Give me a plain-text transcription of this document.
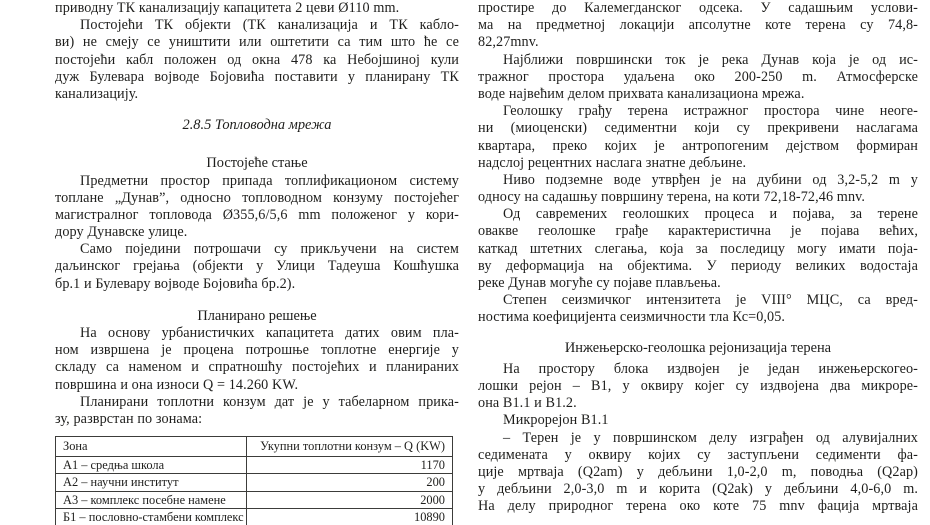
приводну ТК канализацију капацитета 2 цеви Ø110 mm.
Постојећи ТК објекти (ТК канализација и ТК кабло-
ви) не смеју се уништити или оштетити са тим што ће се
постојећи кабл положен од окна 478 ка Небојшиној кули
дуж Булевара војводе Бојовића поставити у планирану ТК
канализацију.
2.8.5 Топловодна мрежа
Постојеће стање
Предметни простор припада топлификационом систему
топлане „Дунав”, односно топловодном конзуму постојећег
магистралног топловода Ø355,6/5,6 mm положеног у кори-
дору Дунавске улице.
Само поједини потрошачи су прикључени на систем
даљинског грејања (објекти у Улици Тадеуша Кошћушка
бр.1 и Булевару војводе Бојовића бр.2).
Планирано решење
На основу урбанистичких капацитета датих овим пла-
ном извршена је процена потрошње топлотне енергије у
складу са наменом и спратношћу постојећих и планираних
површина и она износи Q = 14.260 KW.
Планирани топлотни конзум дат је у табеларном прика-
зу, разврстан по зонама:
Зона	Укупни топлотни конзум – Q (KW)
А1 – средња школа	1170
А2 – научни институт	200
А3 – комплекс посебне намене	2000
Б1 – пословно-стамбени комплекс	10890

простире до Калемегданског одсека. У садашњим услови-
ма на предметној локацији апсолутне коте терена су 74,8-
82,27mnv.
Најближи површински ток је река Дунав која је од ис-
тражног простора удаљена око 200-250 m. Атмосферске
воде највећим делом прихвата канализациона мрежа.
Геолошку грађу терена истражног простора чине неоге-
ни (миоценски) седиментни који су прекривени наслагама
квартара, преко којих је антропогеним дејством формиран
надслој рецентних наслага знатне дебљине.
Ниво подземне воде утврђен је на дубини од 3,2-5,2 m у
односу на садашњу површину терена, на коти 72,18-72,46 mnv.
Од савремених геолошких процеса и појава, за терене
овакве геолошке грађе карактеристична је појава већих,
каткад штетних слегања, која за последицу могу имати поја-
ву деформација на објектима. У периоду великих водостаја
реке Дунав могуће су појаве плављења.
Степен сеизмичког интензитета је VIII° МЦС, са вред-
ностима коефицијента сеизмичности тла Кс=0,05.
Инжењерско-геолошка рејонизација терена
На простору блока издвојен је један инжењерскогео-
лошки рејон – В1, у оквиру којег су издвојена два микроре-
она В1.1 и В1.2.
Микрорејон В1.1
– Терен је у површинском делу изграђен од алувијалних
седимената у оквиру којих су заступљени седименти фа-
ције мртваја (Q2am) у дебљини 1,0-2,0 m, поводња (Q2ap)
у дебљини 2,0-3,0 m и корита (Q2ak) у дебљини 4,0-6,0 m.
На делу природног терена око коте 75 mnv фација мртваја
